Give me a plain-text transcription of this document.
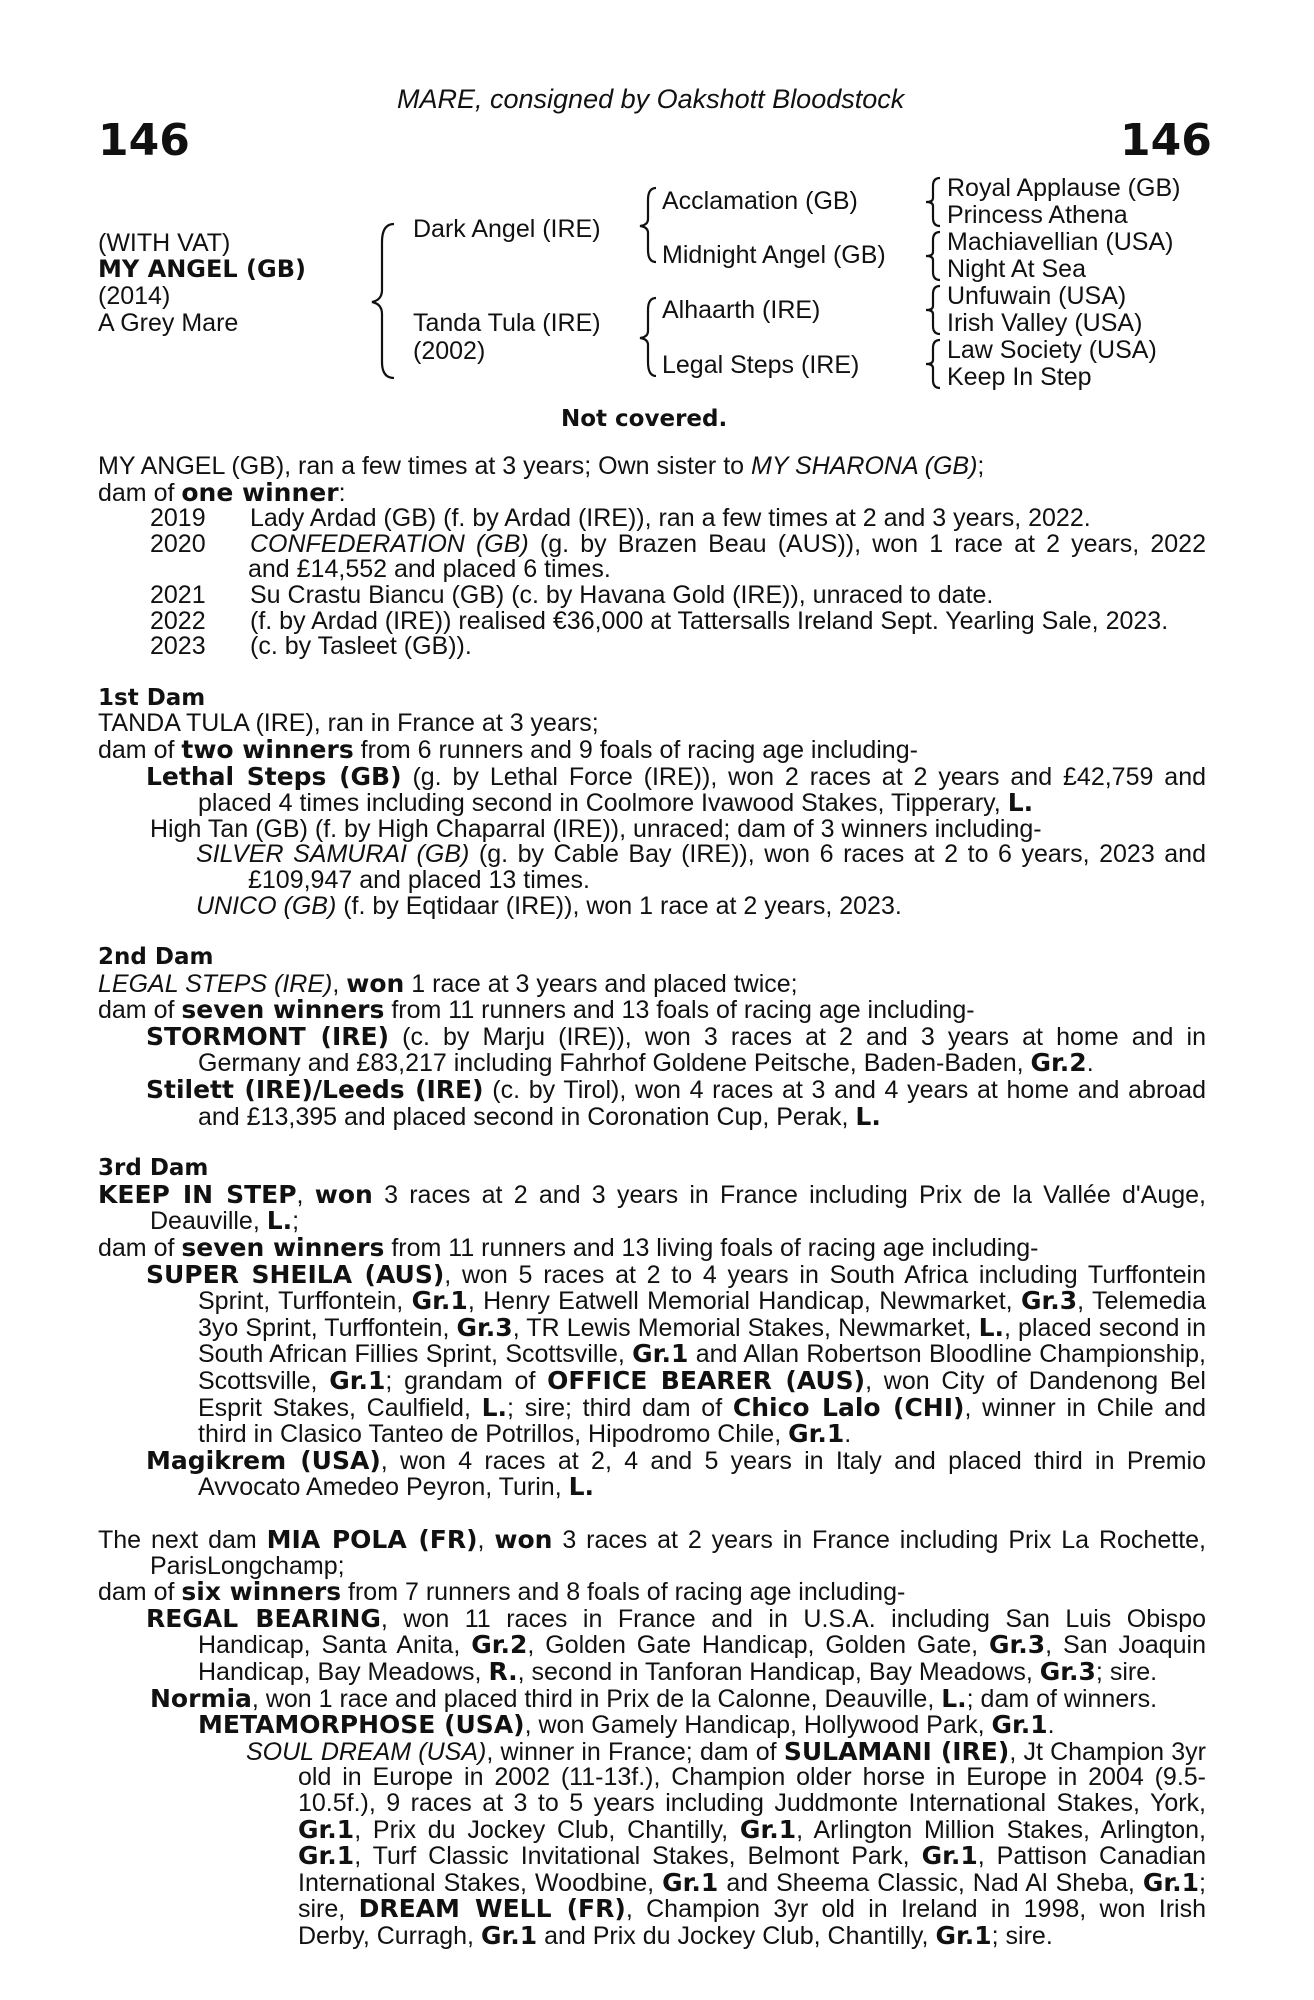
MARE, consigned by Oakshott Bloodstock
146	146
(WITH VAT)
MY ANGEL (GB)
(2014)
A Grey Mare
Dark Angel (IRE)
Tanda Tula (IRE)
(2002)
Acclamation (GB)
Midnight Angel (GB)
Alhaarth (IRE)
Legal Steps (IRE)
Royal Applause (GB)
Princess Athena
Machiavellian (USA)
Night At Sea
Unfuwain (USA)
Irish Valley (USA)
Law Society (USA)
Keep In Step
Not covered.

MY ANGEL (GB), ran a few times at 3 years; Own sister to MY SHARONA (GB);

dam of one winner:

2019	Lady Ardad (GB) (f. by Ardad (IRE)), ran a few times at 2 and 3 years, 2022.
2020	CONFEDERATION (GB) (g. by Brazen Beau (AUS)), won 1 race at 2 years, 2022

and £14,552 and placed 6 times.

2021	Su Crastu Biancu (GB) (c. by Havana Gold (IRE)), unraced to date.
2022	(f. by Ardad (IRE)) realised €36,000 at Tattersalls Ireland Sept. Yearling Sale, 2023.
2023	(c. by Tasleet (GB)).

1st Dam

TANDA TULA (IRE), ran in France at 3 years;

dam of two winners from 6 runners and 9 foals of racing age including-

Lethal Steps (GB) (g. by Lethal Force (IRE)), won 2 races at 2 years and £42,759 and placed 4 times including second in Coolmore Ivawood Stakes, Tipperary, L.

High Tan (GB) (f. by High Chaparral (IRE)), unraced; dam of 3 winners including-

SILVER SAMURAI (GB) (g. by Cable Bay (IRE)), won 6 races at 2 to 6 years, 2023 and £109,947 and placed 13 times.

UNICO (GB) (f. by Eqtidaar (IRE)), won 1 race at 2 years, 2023.

2nd Dam

LEGAL STEPS (IRE), won 1 race at 3 years and placed twice;

dam of seven winners from 11 runners and 13 foals of racing age including-

STORMONT (IRE) (c. by Marju (IRE)), won 3 races at 2 and 3 years at home and in Germany and £83,217 including Fahrhof Goldene Peitsche, Baden-Baden, Gr.2.

Stilett (IRE)/Leeds (IRE) (c. by Tirol), won 4 races at 3 and 4 years at home and abroad and £13,395 and placed second in Coronation Cup, Perak, L.

3rd Dam

KEEP IN STEP, won 3 races at 2 and 3 years in France including Prix de la Vallée d'Auge, Deauville, L.;

dam of seven winners from 11 runners and 13 living foals of racing age including-

SUPER SHEILA (AUS), won 5 races at 2 to 4 years in South Africa including Turffontein Sprint, Turffontein, Gr.1, Henry Eatwell Memorial Handicap, Newmarket, Gr.3, Telemedia 3yo Sprint, Turffontein, Gr.3, TR Lewis Memorial Stakes, Newmarket, L., placed second in South African Fillies Sprint, Scottsville, Gr.1 and Allan Robertson Bloodline Championship, Scottsville, Gr.1; grandam of OFFICE BEARER (AUS), won City of Dandenong Bel Esprit Stakes, Caulfield, L.; sire; third dam of Chico Lalo (CHI), winner in Chile and third in Clasico Tanteo de Potrillos, Hipodromo Chile, Gr.1.

Magikrem (USA), won 4 races at 2, 4 and 5 years in Italy and placed third in Premio Avvocato Amedeo Peyron, Turin, L.

The next dam MIA POLA (FR), won 3 races at 2 years in France including Prix La Rochette, ParisLongchamp;

dam of six winners from 7 runners and 8 foals of racing age including-

REGAL BEARING, won 11 races in France and in U.S.A. including San Luis Obispo Handicap, Santa Anita, Gr.2, Golden Gate Handicap, Golden Gate, Gr.3, San Joaquin Handicap, Bay Meadows, R., second in Tanforan Handicap, Bay Meadows, Gr.3; sire.

Normia, won 1 race and placed third in Prix de la Calonne, Deauville, L.; dam of winners.

METAMORPHOSE (USA), won Gamely Handicap, Hollywood Park, Gr.1.

SOUL DREAM (USA), winner in France; dam of SULAMANI (IRE), Jt Champion 3yr old in Europe in 2002 (11-13f.), Champion older horse in Europe in 2004 (9.5-10.5f.), 9 races at 3 to 5 years including Juddmonte International Stakes, York, Gr.1, Prix du Jockey Club, Chantilly, Gr.1, Arlington Million Stakes, Arlington, Gr.1, Turf Classic Invitational Stakes, Belmont Park, Gr.1, Pattison Canadian International Stakes, Woodbine, Gr.1 and Sheema Classic, Nad Al Sheba, Gr.1; sire, DREAM WELL (FR), Champion 3yr old in Ireland in 1998, won Irish Derby, Curragh, Gr.1 and Prix du Jockey Club, Chantilly, Gr.1; sire.
